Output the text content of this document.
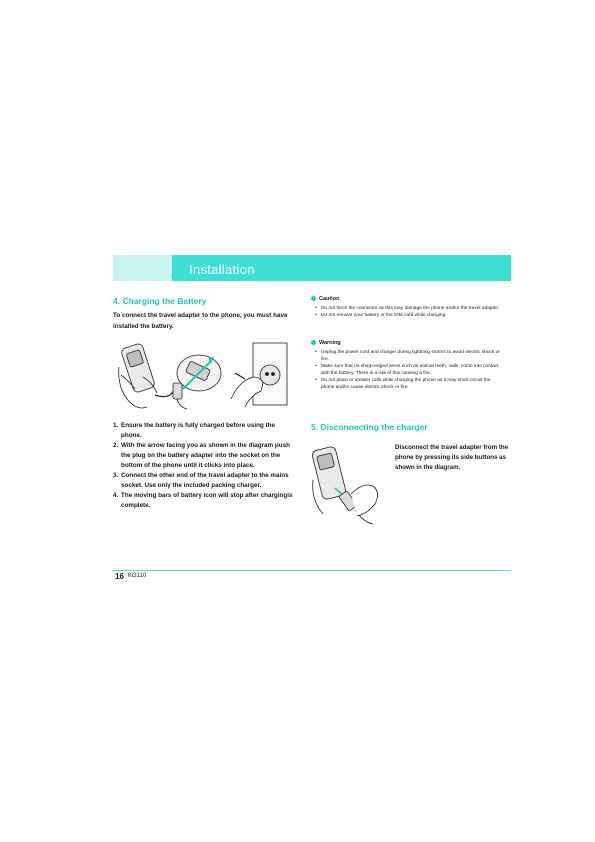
Installation
4. Charging the Battery
To connect the travel adapter to the phone, you must have installed the battery.
1. Ensure the battery is fully charged before using the phone.
2. With the arrow facing you as shown in the diagram push the plug on the battery adapter into the socket on the bottom of the phone until it clicks into place.
3. Connect the other end of the travel adapter to the mains socket. Use only the included packing charger.
4. The moving bars of battery icon will stop after chargingis complete.
Caution
• Do not force the connector as this may damage the phone and/or the travel adapter.
• Do not remove your battery or the SIM card while charging.
Warning
• Unplug the power cord and charger during lightning storms to avoid electric shock or fire.
• Make sure that no sharp-edged items such as animal teeth, nails, come into contact with the battery. There is a risk of this causing a fire.
• Do not place or answer calls while charging the phone as it may short-circuit the phone and/or cause electric shock or fire.
5. Disconnecting the charger
Disconnect the travel adapter from the phone by pressing its side buttons as shown in the diagram.
16 KG110
